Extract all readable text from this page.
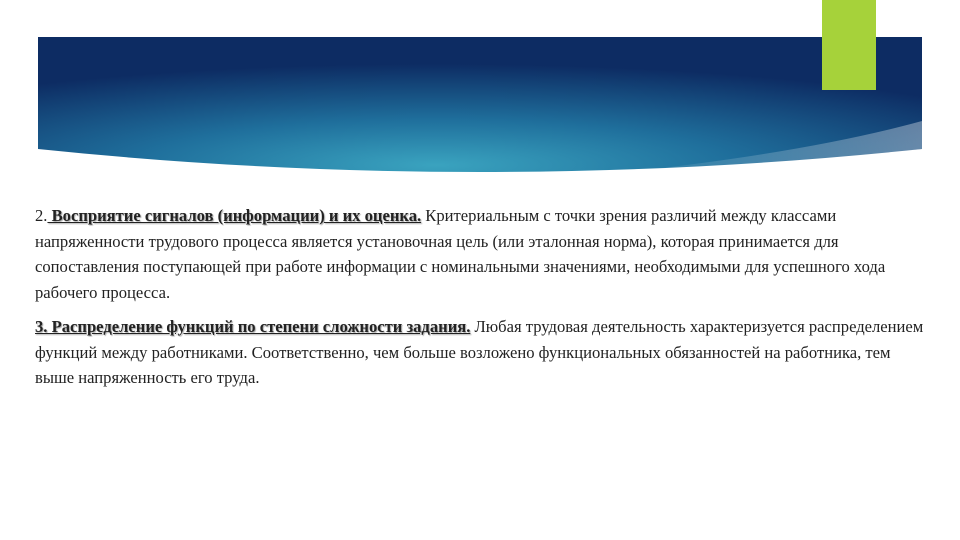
2. Восприятие сигналов (информации) и их оценка. Критериальным с точки зрения различий между классами напряженности трудового процесса является установочная цель (или эталонная норма), которая принимается для сопоставления поступающей при работе информации с номинальными значениями, необходимыми для успешного хода рабочего процесса.

3. Распределение функций по степени сложности задания. Любая трудовая деятельность характеризуется распределением функций между работниками. Соответственно, чем больше возложено функциональных обязанностей на работника, тем выше напряженность его труда.
